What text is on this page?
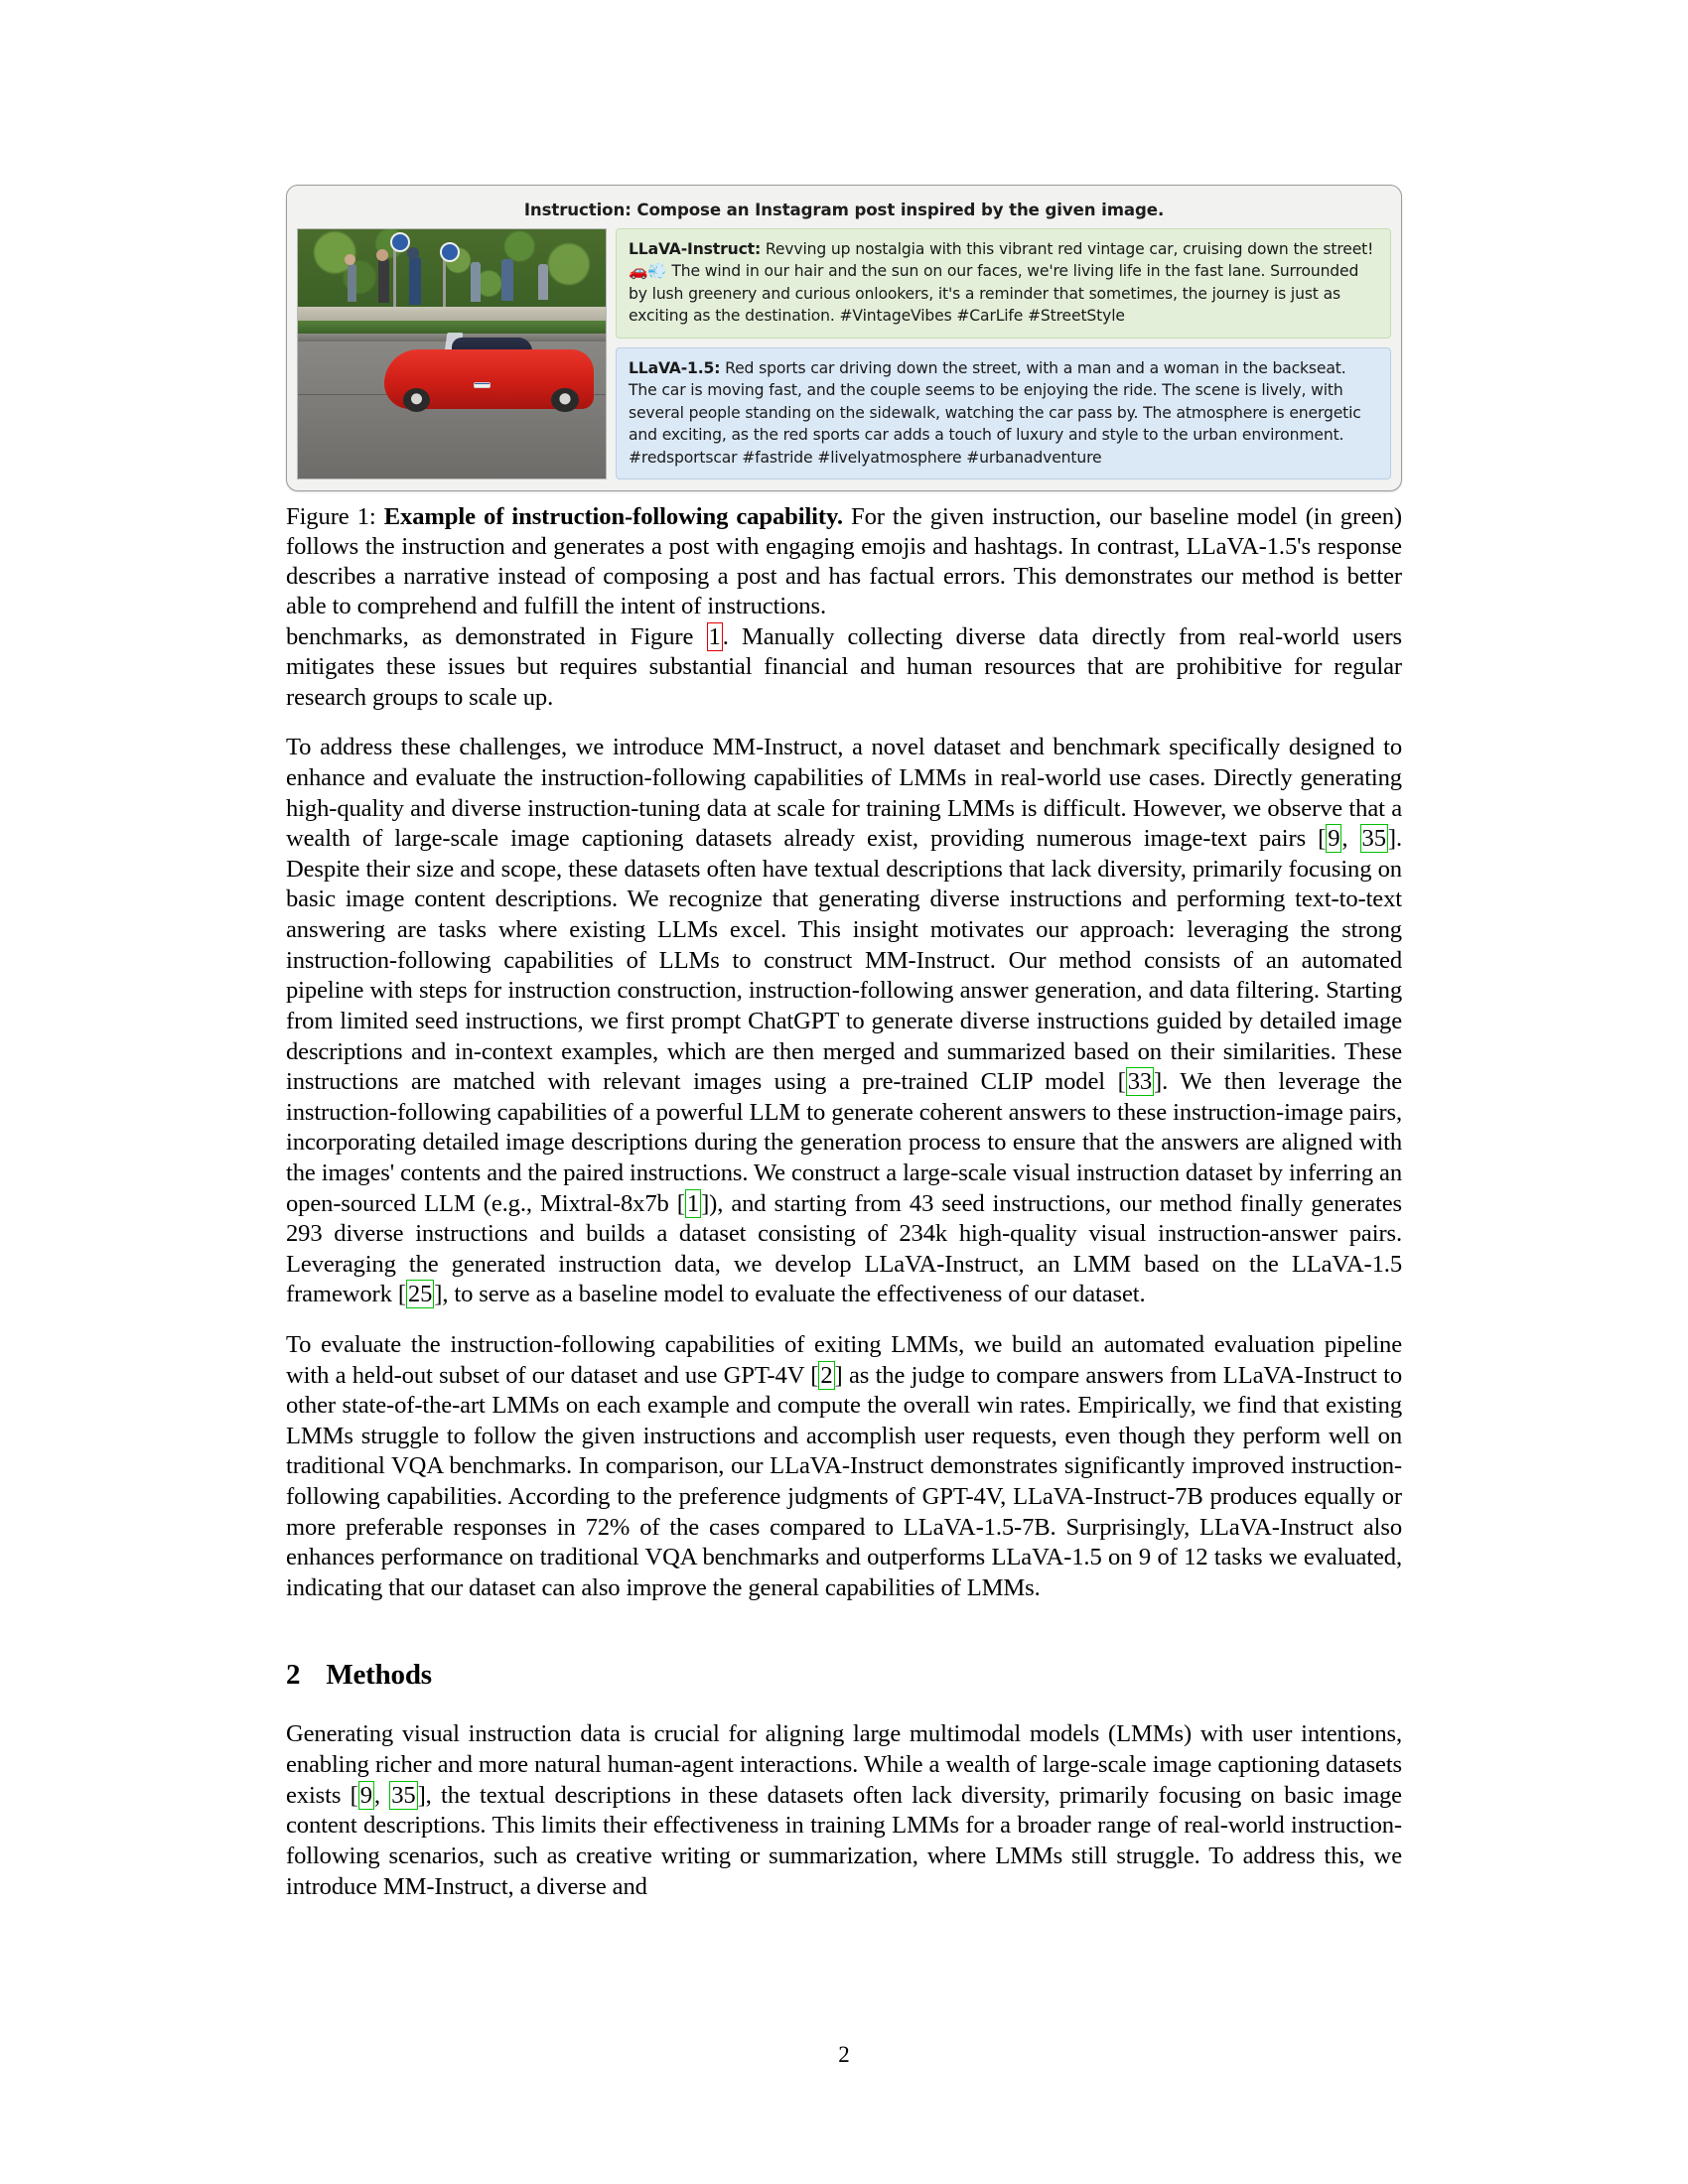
Instruction: Compose an Instagram post inspired by the given image.
LLaVA-Instruct: Revving up nostalgia with this vibrant red vintage car, cruising down the street! 🚗💨 The wind in our hair and the sun on our faces, we're living life in the fast lane. Surrounded by lush greenery and curious onlookers, it's a reminder that sometimes, the journey is just as exciting as the destination. #VintageVibes #CarLife #StreetStyle
LLaVA-1.5: Red sports car driving down the street, with a man and a woman in the backseat. The car is moving fast, and the couple seems to be enjoying the ride. The scene is lively, with several people standing on the sidewalk, watching the car pass by. The atmosphere is energetic and exciting, as the red sports car adds a touch of luxury and style to the urban environment. #redsportscar #fastride #livelyatmosphere #urbanadventure
Figure 1: Example of instruction-following capability. For the given instruction, our baseline model (in green) follows the instruction and generates a post with engaging emojis and hashtags. In contrast, LLaVA-1.5's response describes a narrative instead of composing a post and has factual errors. This demonstrates our method is better able to comprehend and fulfill the intent of instructions.

benchmarks, as demonstrated in Figure 1. Manually collecting diverse data directly from real-world users mitigates these issues but requires substantial financial and human resources that are prohibitive for regular research groups to scale up.

To address these challenges, we introduce MM-Instruct, a novel dataset and benchmark specifically designed to enhance and evaluate the instruction-following capabilities of LMMs in real-world use cases. Directly generating high-quality and diverse instruction-tuning data at scale for training LMMs is difficult. However, we observe that a wealth of large-scale image captioning datasets already exist, providing numerous image-text pairs [9, 35]. Despite their size and scope, these datasets often have textual descriptions that lack diversity, primarily focusing on basic image content descriptions. We recognize that generating diverse instructions and performing text-to-text answering are tasks where existing LLMs excel. This insight motivates our approach: leveraging the strong instruction-following capabilities of LLMs to construct MM-Instruct. Our method consists of an automated pipeline with steps for instruction construction, instruction-following answer generation, and data filtering. Starting from limited seed instructions, we first prompt ChatGPT to generate diverse instructions guided by detailed image descriptions and in-context examples, which are then merged and summarized based on their similarities. These instructions are matched with relevant images using a pre-trained CLIP model [33]. We then leverage the instruction-following capabilities of a powerful LLM to generate coherent answers to these instruction-image pairs, incorporating detailed image descriptions during the generation process to ensure that the answers are aligned with the images' contents and the paired instructions. We construct a large-scale visual instruction dataset by inferring an open-sourced LLM (e.g., Mixtral-8x7b [1]), and starting from 43 seed instructions, our method finally generates 293 diverse instructions and builds a dataset consisting of 234k high-quality visual instruction-answer pairs. Leveraging the generated instruction data, we develop LLaVA-Instruct, an LMM based on the LLaVA-1.5 framework [25], to serve as a baseline model to evaluate the effectiveness of our dataset.

To evaluate the instruction-following capabilities of exiting LMMs, we build an automated evaluation pipeline with a held-out subset of our dataset and use GPT-4V [2] as the judge to compare answers from LLaVA-Instruct to other state-of-the-art LMMs on each example and compute the overall win rates. Empirically, we find that existing LMMs struggle to follow the given instructions and accomplish user requests, even though they perform well on traditional VQA benchmarks. In comparison, our LLaVA-Instruct demonstrates significantly improved instruction-following capabilities. According to the preference judgments of GPT-4V, LLaVA-Instruct-7B produces equally or more preferable responses in 72% of the cases compared to LLaVA-1.5-7B. Surprisingly, LLaVA-Instruct also enhances performance on traditional VQA benchmarks and outperforms LLaVA-1.5 on 9 of 12 tasks we evaluated, indicating that our dataset can also improve the general capabilities of LMMs.

2 Methods

Generating visual instruction data is crucial for aligning large multimodal models (LMMs) with user intentions, enabling richer and more natural human-agent interactions. While a wealth of large-scale image captioning datasets exists [9, 35], the textual descriptions in these datasets often lack diversity, primarily focusing on basic image content descriptions. This limits their effectiveness in training LMMs for a broader range of real-world instruction-following scenarios, such as creative writing or summarization, where LMMs still struggle. To address this, we introduce MM-Instruct, a diverse and

2
